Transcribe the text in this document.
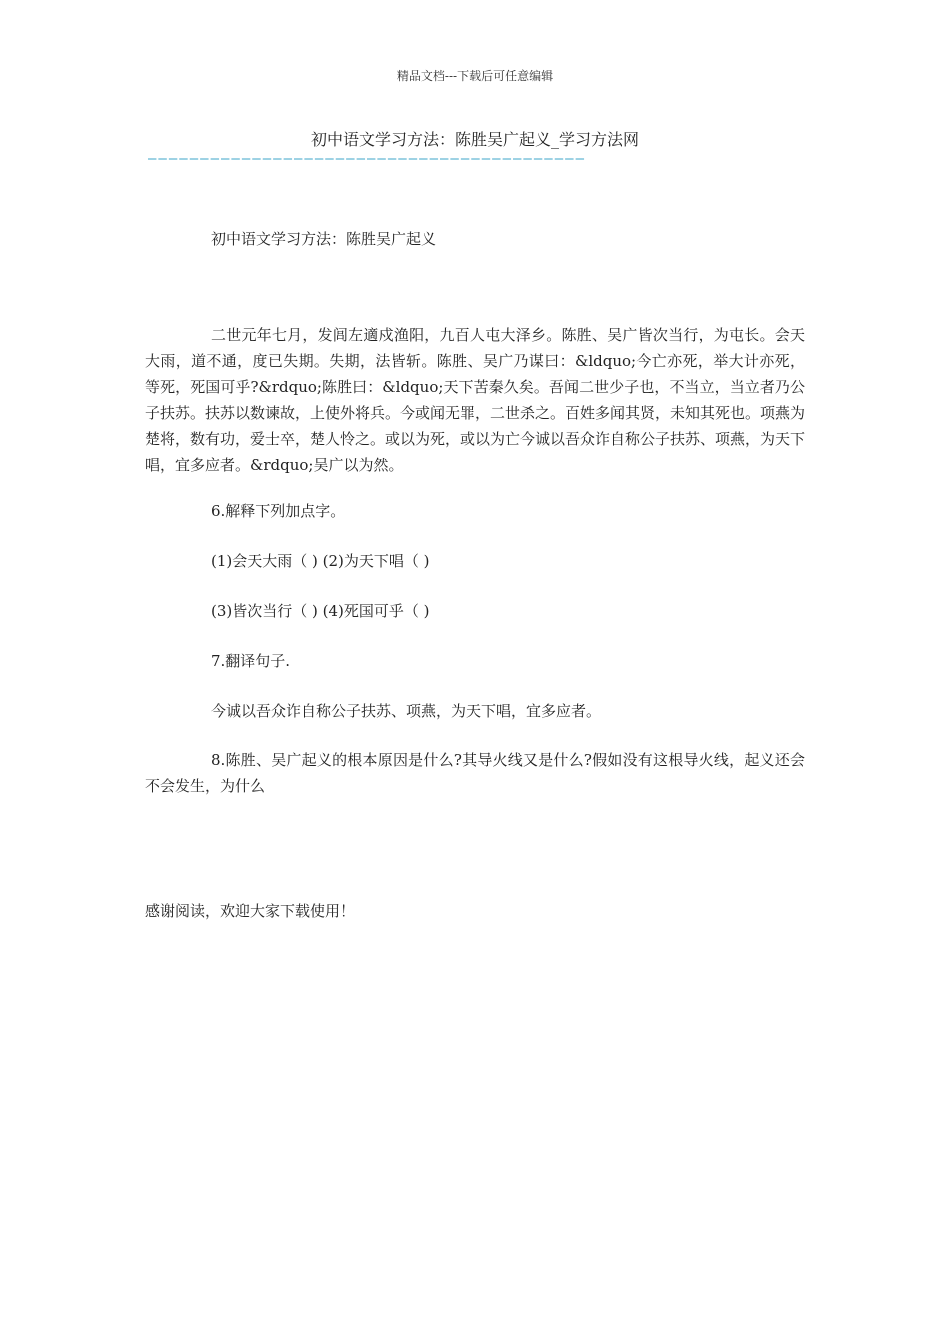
精品文档---下载后可任意编辑
初中语文学习方法：陈胜吴广起义_学习方法网
——————————————————————————————————————————

初中语文学习方法：陈胜吴广起义

二世元年七月，发闾左適戍渔阳，九百人屯大泽乡。陈胜、吴广皆次当行，为屯长。会天大雨，道不通，度已失期。失期，法皆斩。陈胜、吴广乃谋曰：&ldquo;今亡亦死，举大计亦死，等死，死国可乎?&rdquo;陈胜曰：&ldquo;天下苦秦久矣。吾闻二世少子也，不当立，当立者乃公子扶苏。扶苏以数谏故，上使外将兵。今或闻无罪，二世杀之。百姓多闻其贤，未知其死也。项燕为楚将，数有功，爱士卒，楚人怜之。或以为死，或以为亡今诚以吾众诈自称公子扶苏、项燕，为天下唱，宜多应者。&rdquo;吴广以为然。

6.解释下列加点字。

(1)会天大雨（ ) (2)为天下唱（ )

(3)皆次当行（ ) (4)死国可乎（ )

7.翻译句子.

今诚以吾众诈自称公子扶苏、项燕，为天下唱，宜多应者。

8.陈胜、吴广起义的根本原因是什么?其导火线又是什么?假如没有这根导火线，起义还会不会发生，为什么

感谢阅读，欢迎大家下载使用！
